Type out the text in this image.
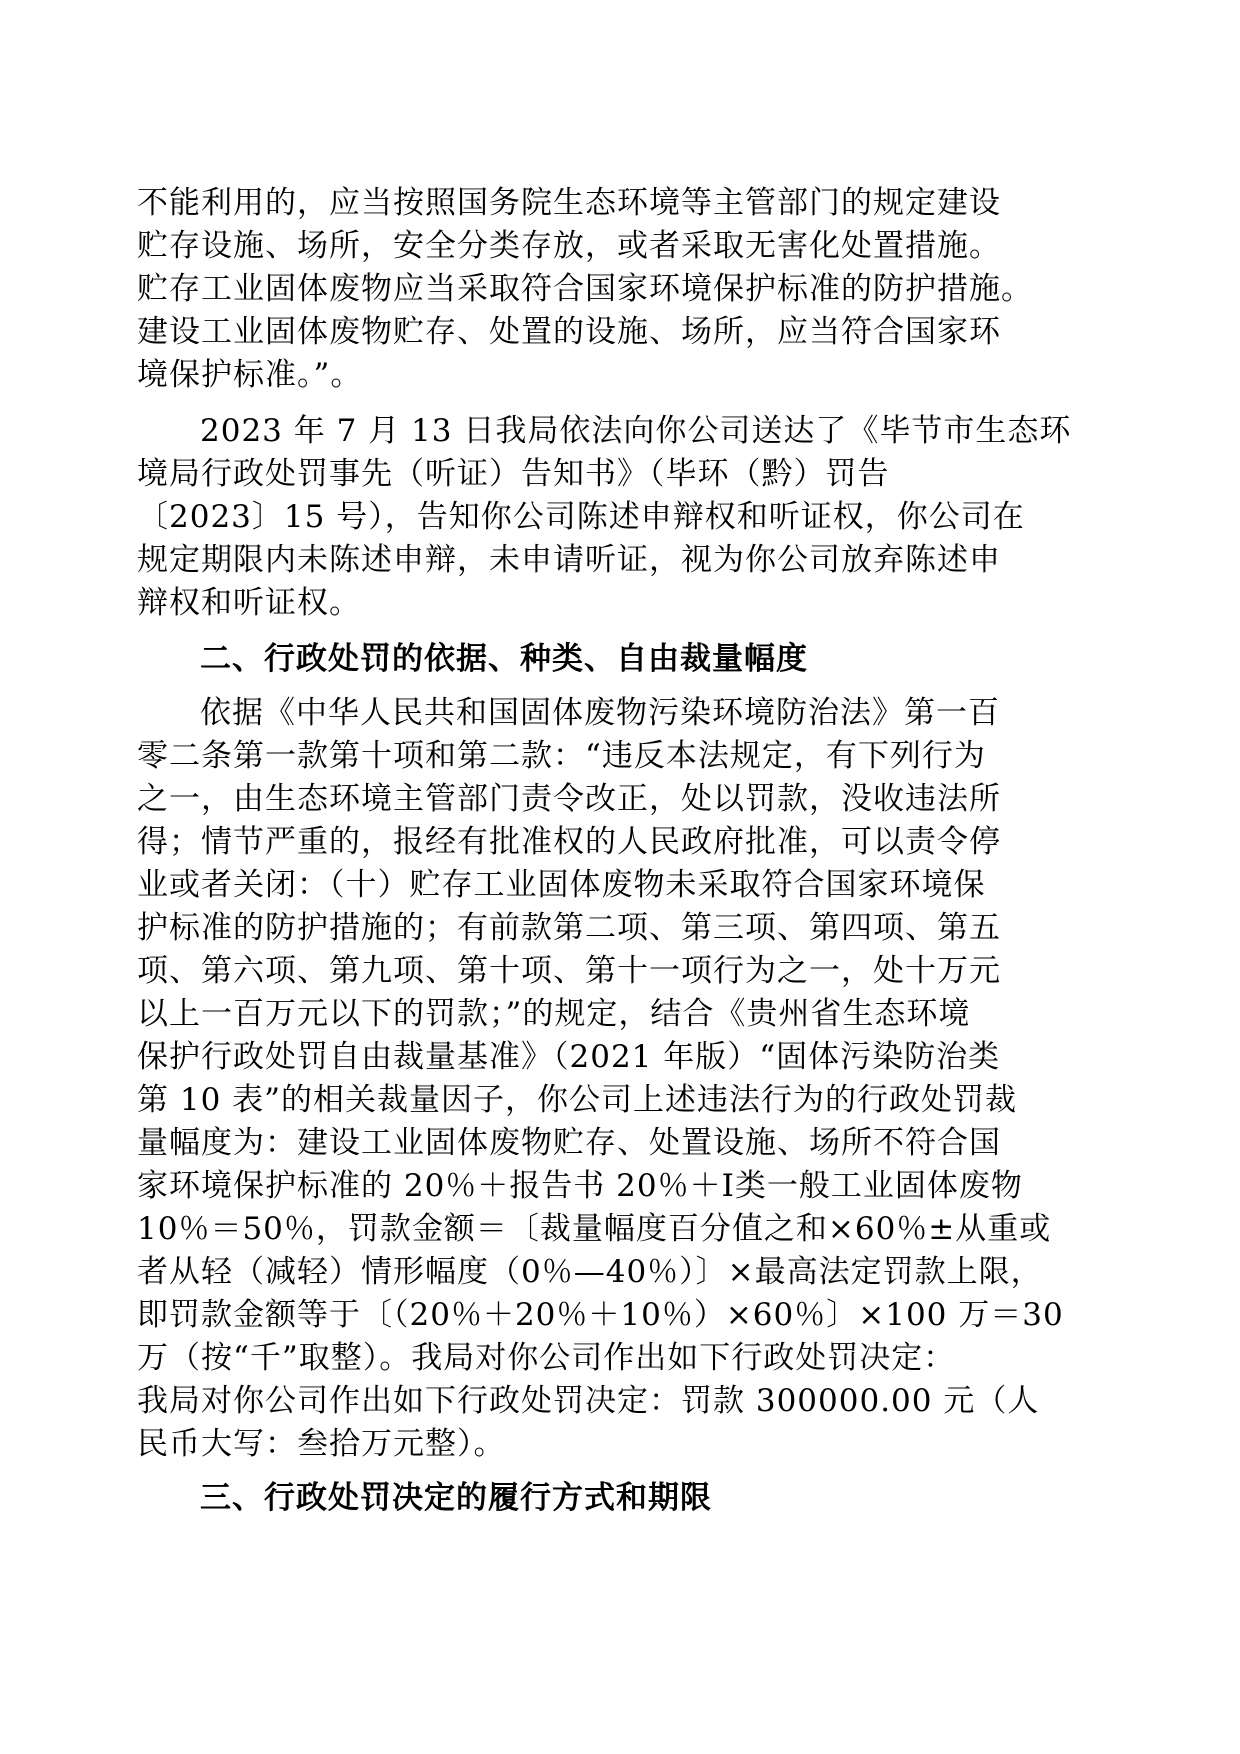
不能利用的，应当按照国务院生态环境等主管部门的规定建设
贮存设施、场所，安全分类存放，或者采取无害化处置措施。
贮存工业固体废物应当采取符合国家环境保护标准的防护措施。
建设工业固体废物贮存、处置的设施、场所，应当符合国家环
境保护标准。”。
2023 年 7 月 13 日我局依法向你公司送达了《毕节市生态环
境局行政处罚事先（听证）告知书》（毕环（黔）罚告
〔2023〕15 号），告知你公司陈述申辩权和听证权，你公司在
规定期限内未陈述申辩，未申请听证，视为你公司放弃陈述申
辩权和听证权。
二、行政处罚的依据、种类、自由裁量幅度
依据《中华人民共和国固体废物污染环境防治法》第一百
零二条第一款第十项和第二款：“违反本法规定，有下列行为
之一，由生态环境主管部门责令改正，处以罚款，没收违法所
得；情节严重的，报经有批准权的人民政府批准，可以责令停
业或者关闭：（十）贮存工业固体废物未采取符合国家环境保
护标准的防护措施的；有前款第二项、第三项、第四项、第五
项、第六项、第九项、第十项、第十一项行为之一，处十万元
以上一百万元以下的罚款；”的规定，结合《贵州省生态环境
保护行政处罚自由裁量基准》（2021 年版）“固体污染防治类
第 10 表”的相关裁量因子，你公司上述违法行为的行政处罚裁
量幅度为：建设工业固体废物贮存、处置设施、场所不符合国
家环境保护标准的 20％＋报告书 20％＋Ⅰ类一般工业固体废物
10％＝50％，罚款金额＝〔裁量幅度百分值之和×60％±从重或
者从轻（减轻）情形幅度（0％—40％）〕×最高法定罚款上限，
即罚款金额等于〔（20％＋20％＋10％）×60％〕×100 万＝30
万（按“千”取整）。我局对你公司作出如下行政处罚决定：
我局对你公司作出如下行政处罚决定：罚款 300000.00 元（人
民币大写：叁拾万元整）。
三、行政处罚决定的履行方式和期限
